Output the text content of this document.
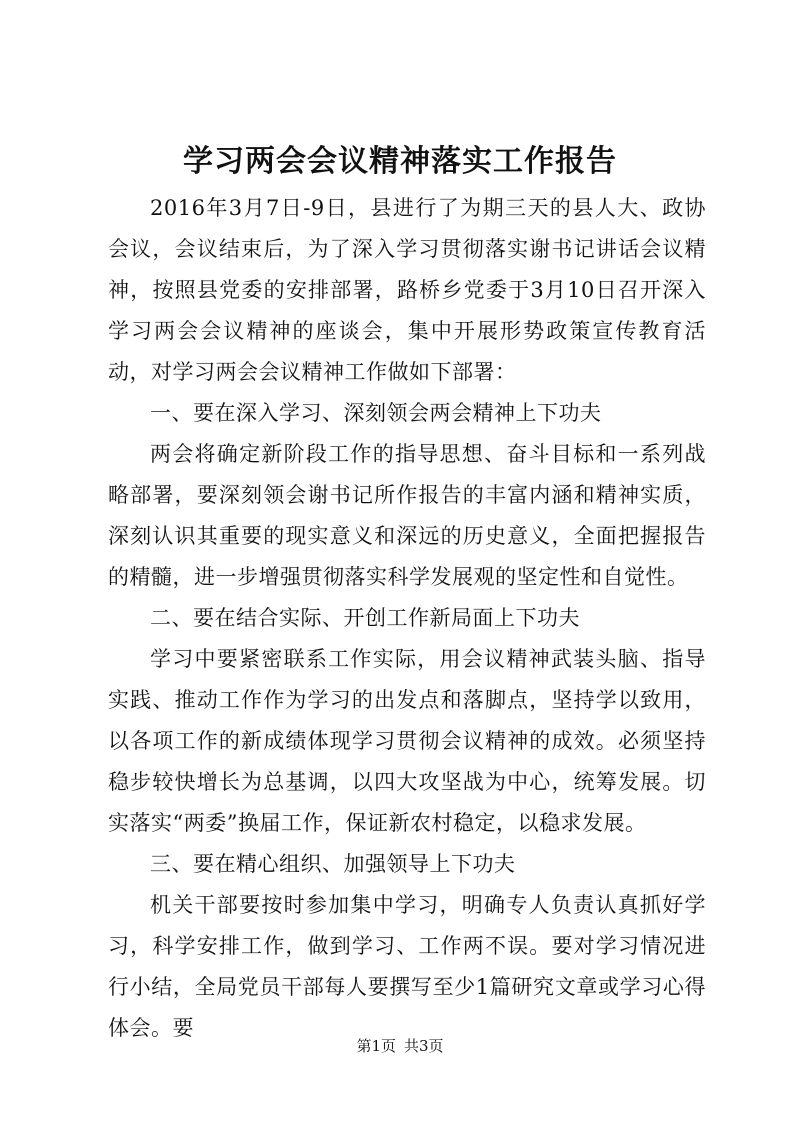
学习两会会议精神落实工作报告

2016年3月7日-9日，县进行了为期三天的县人大、政协会议，会议结束后，为了深入学习贯彻落实谢书记讲话会议精神，按照县党委的安排部署，路桥乡党委于3月10日召开深入学习两会会议精神的座谈会，集中开展形势政策宣传教育活动，对学习两会会议精神工作做如下部署：

一、要在深入学习、深刻领会两会精神上下功夫

两会将确定新阶段工作的指导思想、奋斗目标和一系列战略部署，要深刻领会谢书记所作报告的丰富内涵和精神实质，深刻认识其重要的现实意义和深远的历史意义，全面把握报告的精髓，进一步增强贯彻落实科学发展观的坚定性和自觉性。

二、要在结合实际、开创工作新局面上下功夫

学习中要紧密联系工作实际，用会议精神武装头脑、指导实践、推动工作作为学习的出发点和落脚点，坚持学以致用，以各项工作的新成绩体现学习贯彻会议精神的成效。必须坚持稳步较快增长为总基调，以四大攻坚战为中心，统筹发展。切实落实“两委”换届工作，保证新农村稳定，以稳求发展。

三、要在精心组织、加强领导上下功夫

机关干部要按时参加集中学习，明确专人负责认真抓好学习，科学安排工作，做到学习、工作两不误。要对学习情况进行小结，全局党员干部每人要撰写至少1篇研究文章或学习心得体会。要

第1页 共3页
